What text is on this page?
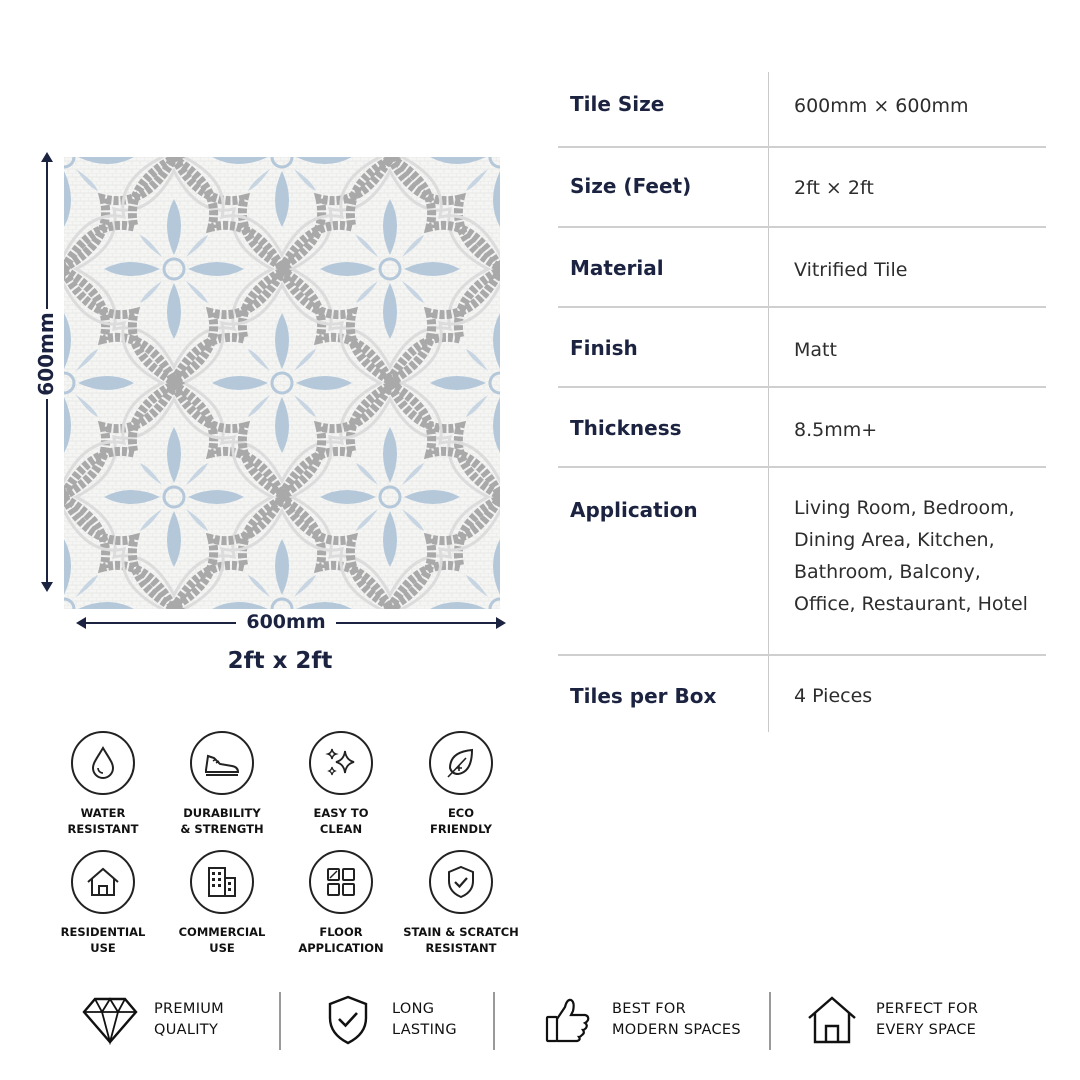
600mm
600mm
2ft x 2ft
Tile Size	600mm × 600mm
Size (Feet)	2ft × 2ft
Material	Vitrified Tile
Finish	Matt
Thickness	8.5mm+
Application	Living Room, Bedroom, Dining Area, Kitchen, Bathroom, Balcony, Office, Restaurant, Hotel
Tiles per Box	4 Pieces
WATER
RESISTANT
DURABILITY
& STRENGTH
EASY TO
CLEAN
ECO
FRIENDLY
RESIDENTIAL
USE
COMMERCIAL
USE
FLOOR
APPLICATION
STAIN & SCRATCH
RESISTANT
PREMIUM
QUALITY
LONG
LASTING
BEST FOR
MODERN SPACES
PERFECT FOR
EVERY SPACE
